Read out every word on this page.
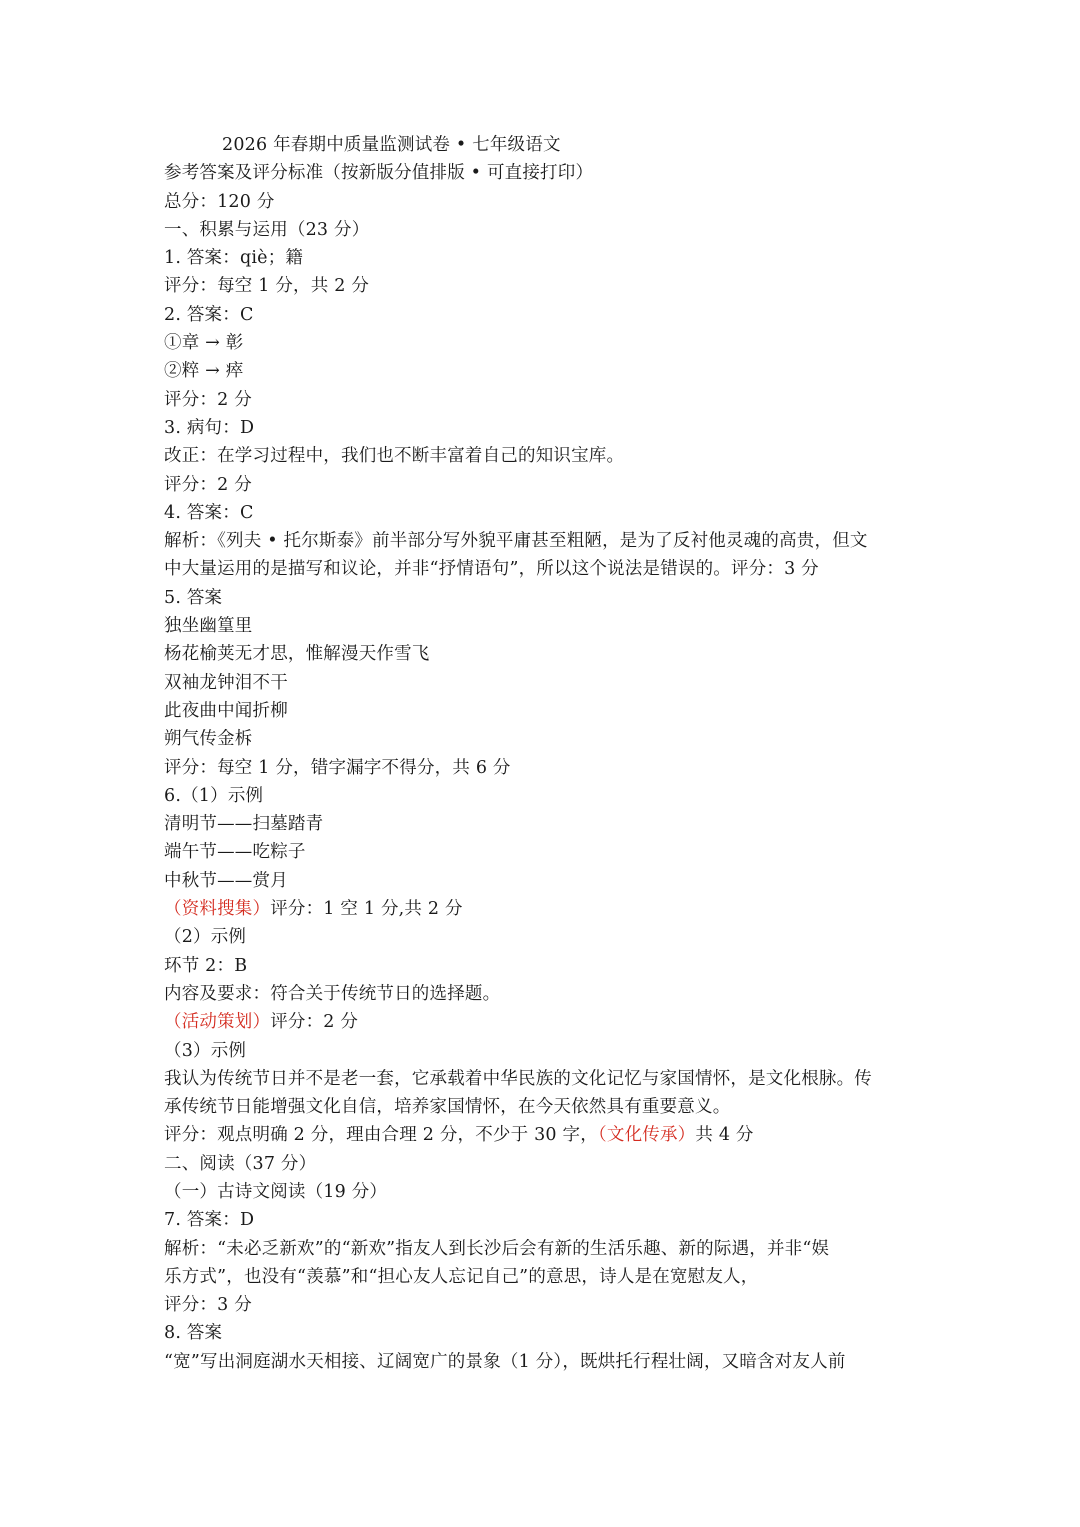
2026 年春期中质量监测试卷 • 七年级语文
参考答案及评分标准（按新版分值排版 • 可直接打印）
总分：120 分
一、积累与运用（23 分）
1. 答案：qiè；籍
评分：每空 1 分，共 2 分
2. 答案：C
①章 → 彰
②粹 → 瘁
评分：2 分
3. 病句：D
改正：在学习过程中，我们也不断丰富着自己的知识宝库。
评分：2 分
4. 答案：C
解析：《列夫 • 托尔斯泰》前半部分写外貌平庸甚至粗陋，是为了反衬他灵魂的高贵，但文
中大量运用的是描写和议论，并非“抒情语句”，所以这个说法是错误的。评分：3 分
5. 答案
独坐幽篁里
杨花榆荚无才思，惟解漫天作雪飞
双袖龙钟泪不干
此夜曲中闻折柳
朔气传金柝
评分：每空 1 分，错字漏字不得分，共 6 分
6.（1）示例
清明节——扫墓踏青
端午节——吃粽子
中秋节——赏月
（资料搜集）评分：1 空 1 分,共 2 分
（2）示例
环节 2：B
内容及要求：符合关于传统节日的选择题。
（活动策划）评分：2 分
（3）示例
我认为传统节日并不是老一套，它承载着中华民族的文化记忆与家国情怀，是文化根脉。传
承传统节日能增强文化自信，培养家国情怀，在今天依然具有重要意义。
评分：观点明确 2 分，理由合理 2 分，不少于 30 字，（文化传承）共 4 分
二、阅读（37 分）
（一）古诗文阅读（19 分）
7. 答案：D
解析：“未必乏新欢”的“新欢”指友人到长沙后会有新的生活乐趣、新的际遇，并非“娱
乐方式”，也没有“羡慕”和“担心友人忘记自己”的意思，诗人是在宽慰友人，
评分：3 分
8. 答案
“宽”写出洞庭湖水天相接、辽阔宽广的景象（1 分），既烘托行程壮阔，又暗含对友人前
